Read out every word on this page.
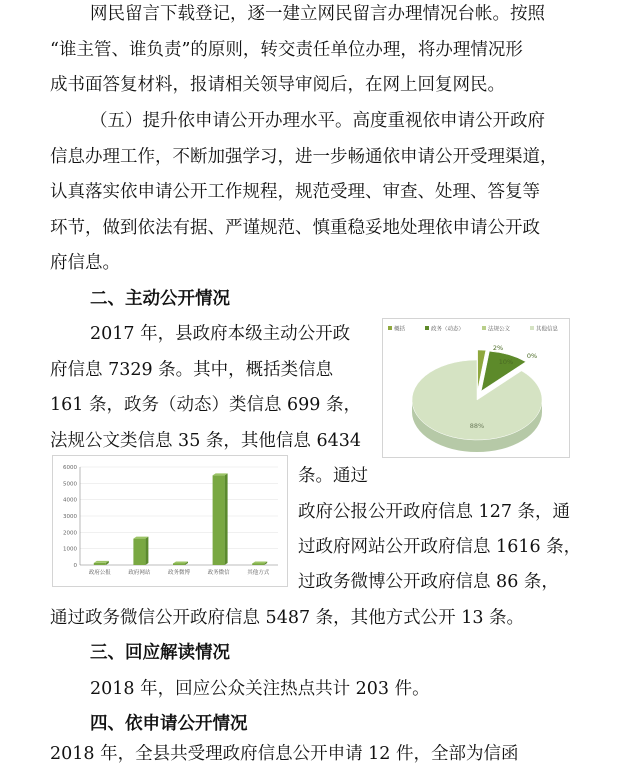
网民留言下载登记，逐一建立网民留言办理情况台帐。按照
“谁主管、谁负责”的原则，转交责任单位办理，将办理情况形
成书面答复材料，报请相关领导审阅后，在网上回复网民。
（五）提升依申请公开办理水平。高度重视依申请公开政府
信息办理工作，不断加强学习，进一步畅通依申请公开受理渠道，
认真落实依申请公开工作规程，规范受理、审查、处理、答复等
环节，做到依法有据、严谨规范、慎重稳妥地处理依申请公开政
府信息。
二、主动公开情况
2017 年，县政府本级主动公开政
府信息 7329 条。其中，概括类信息
161 条，政务（动态）类信息 699 条，
法规公文类信息 35 条，其他信息 6434
条。通过
政府公报公开政府信息 127 条，通
过政府网站公开政府信息 1616 条，
过政务微博公开政府信息 86 条，
通过政务微信公开政府信息 5487 条，其他方式公开 13 条。
三、回应解读情况
2018 年，回应公众关注热点共计 203 件。
四、依申请公开情况
2018 年，全县共受理政府信息公开申请 12 件，全部为信函
概括	政务（动态）	法规公文	其他信息
2%
10%
0%
88%
0
1000
2000
3000
4000
5000
6000
政府公报	政府网站	政务微博	政务微信	其他方式
